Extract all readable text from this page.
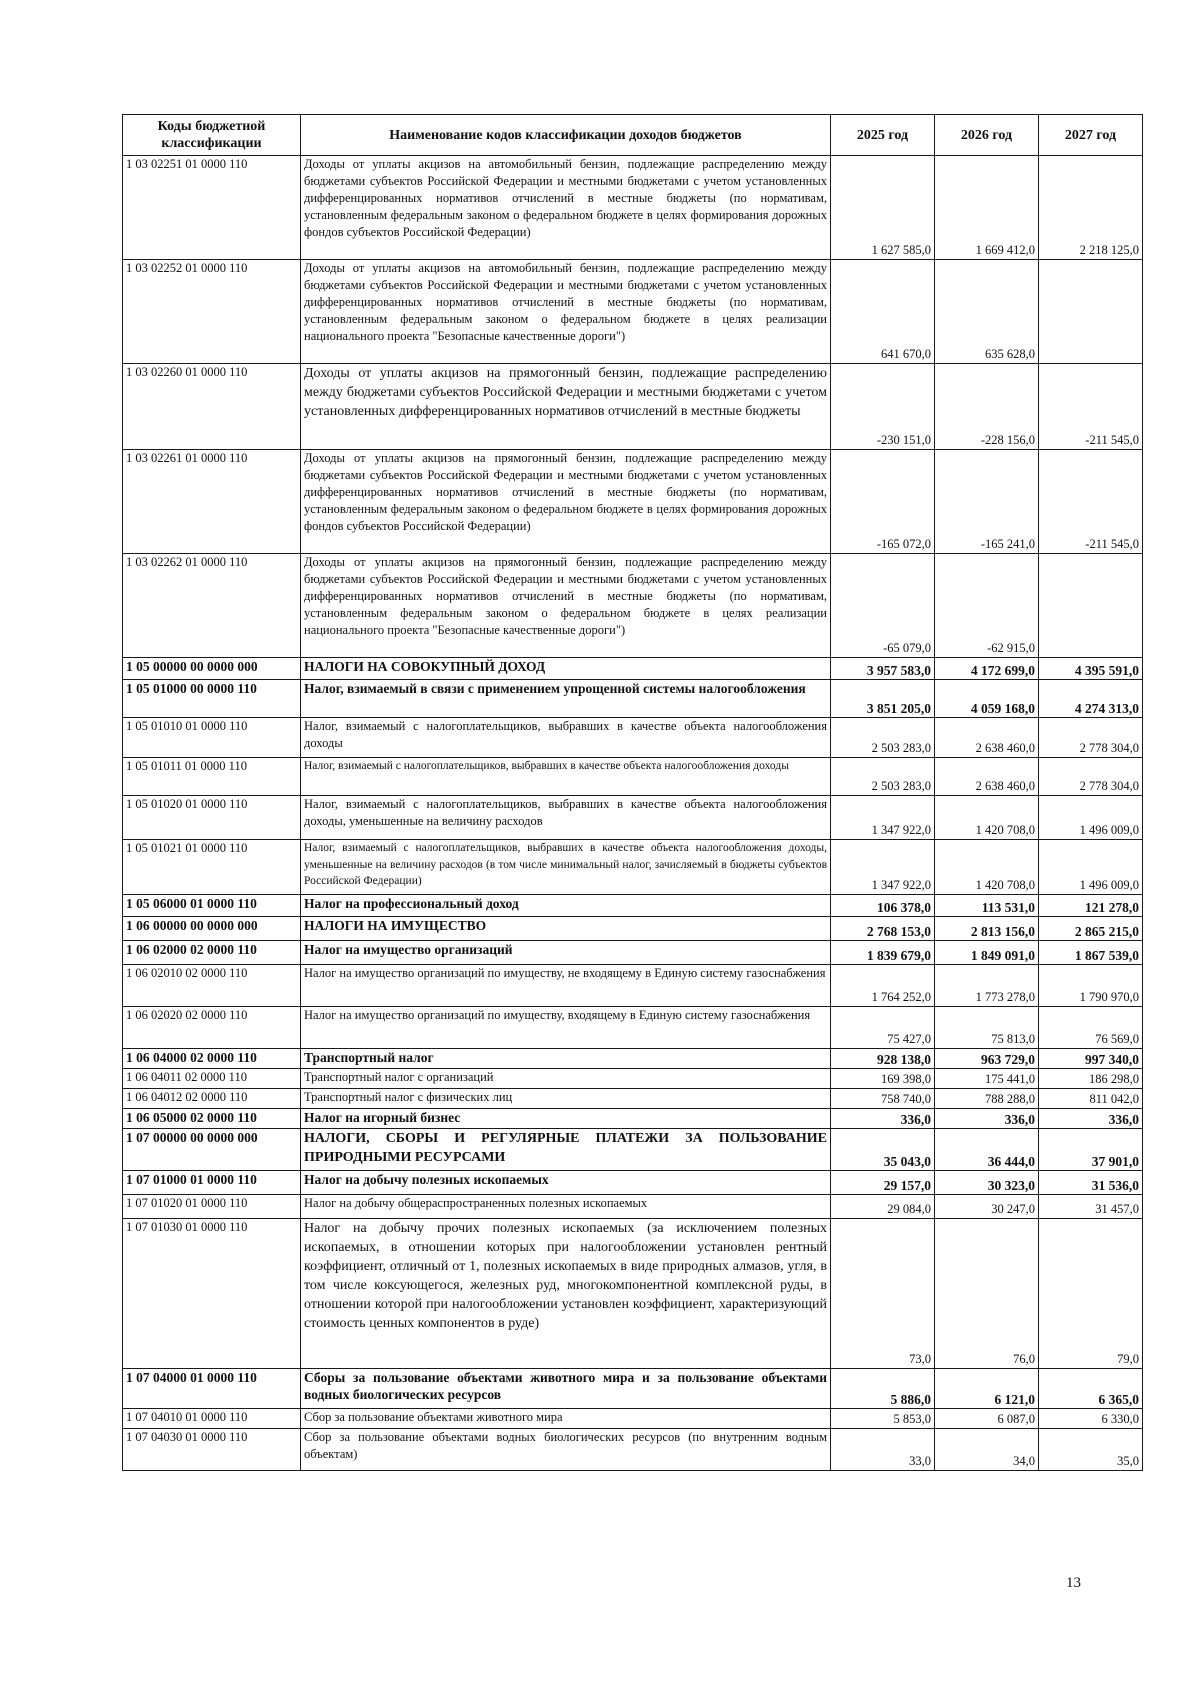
Коды бюджетной классификации	Наименование кодов классификации доходов бюджетов	2025 год	2026 год	2027 год
1 03 02251 01 0000 110	Доходы от уплаты акцизов на автомобильный бензин, подлежащие распределению между бюджетами субъектов Российской Федерации и местными бюджетами с учетом установленных дифференцированных нормативов отчислений в местные бюджеты (по нормативам, установленным федеральным законом о федеральном бюджете в целях формирования дорожных фондов субъектов Российской Федерации)	1 627 585,0	1 669 412,0	2 218 125,0
1 03 02252 01 0000 110	Доходы от уплаты акцизов на автомобильный бензин, подлежащие распределению между бюджетами субъектов Российской Федерации и местными бюджетами с учетом установленных дифференцированных нормативов отчислений в местные бюджеты (по нормативам, установленным федеральным законом о федеральном бюджете в целях реализации национального проекта "Безопасные качественные дороги")	641 670,0	635 628,0	
1 03 02260 01 0000 110	Доходы от уплаты акцизов на прямогонный бензин, подлежащие распределению между бюджетами субъектов Российской Федерации и местными бюджетами с учетом установленных дифференцированных нормативов отчислений в местные бюджеты	-230 151,0	-228 156,0	-211 545,0
1 03 02261 01 0000 110	Доходы от уплаты акцизов на прямогонный бензин, подлежащие распределению между бюджетами субъектов Российской Федерации и местными бюджетами с учетом установленных дифференцированных нормативов отчислений в местные бюджеты (по нормативам, установленным федеральным законом о федеральном бюджете в целях формирования дорожных фондов субъектов Российской Федерации)	-165 072,0	-165 241,0	-211 545,0
1 03 02262 01 0000 110	Доходы от уплаты акцизов на прямогонный бензин, подлежащие распределению между бюджетами субъектов Российской Федерации и местными бюджетами с учетом установленных дифференцированных нормативов отчислений в местные бюджеты (по нормативам, установленным федеральным законом о федеральном бюджете в целях реализации национального проекта "Безопасные качественные дороги")	-65 079,0	-62 915,0	
1 05 00000 00 0000 000	НАЛОГИ НА СОВОКУПНЫЙ ДОХОД	3 957 583,0	4 172 699,0	4 395 591,0
1 05 01000 00 0000 110	Налог, взимаемый в связи с применением упрощенной системы налогообложения	3 851 205,0	4 059 168,0	4 274 313,0
1 05 01010 01 0000 110	Налог, взимаемый с налогоплательщиков, выбравших в качестве объекта налогообложения доходы	2 503 283,0	2 638 460,0	2 778 304,0
1 05 01011 01 0000 110	Налог, взимаемый с налогоплательщиков, выбравших в качестве объекта налогообложения доходы	2 503 283,0	2 638 460,0	2 778 304,0
1 05 01020 01 0000 110	Налог, взимаемый с налогоплательщиков, выбравших в качестве объекта налогообложения доходы, уменьшенные на величину расходов	1 347 922,0	1 420 708,0	1 496 009,0
1 05 01021 01 0000 110	Налог, взимаемый с налогоплательщиков, выбравших в качестве объекта налогообложения доходы, уменьшенные на величину расходов (в том числе минимальный налог, зачисляемый в бюджеты субъектов Российской Федерации)	1 347 922,0	1 420 708,0	1 496 009,0
1 05 06000 01 0000 110	Налог на профессиональный доход	106 378,0	113 531,0	121 278,0
1 06 00000 00 0000 000	НАЛОГИ НА ИМУЩЕСТВО	2 768 153,0	2 813 156,0	2 865 215,0
1 06 02000 02 0000 110	Налог на имущество организаций	1 839 679,0	1 849 091,0	1 867 539,0
1 06 02010 02 0000 110	Налог на имущество организаций по имуществу, не входящему в Единую систему газоснабжения	1 764 252,0	1 773 278,0	1 790 970,0
1 06 02020 02 0000 110	Налог на имущество организаций по имуществу, входящему в Единую систему газоснабжения	75 427,0	75 813,0	76 569,0
1 06 04000 02 0000 110	Транспортный налог	928 138,0	963 729,0	997 340,0
1 06 04011 02 0000 110	Транспортный налог с организаций	169 398,0	175 441,0	186 298,0
1 06 04012 02 0000 110	Транспортный налог с физических лиц	758 740,0	788 288,0	811 042,0
1 06 05000 02 0000 110	Налог на игорный бизнес	336,0	336,0	336,0
1 07 00000 00 0000 000	НАЛОГИ, СБОРЫ И РЕГУЛЯРНЫЕ ПЛАТЕЖИ ЗА ПОЛЬЗОВАНИЕ ПРИРОДНЫМИ РЕСУРСАМИ	35 043,0	36 444,0	37 901,0
1 07 01000 01 0000 110	Налог на добычу полезных ископаемых	29 157,0	30 323,0	31 536,0
1 07 01020 01 0000 110	Налог на добычу общераспространенных полезных ископаемых	29 084,0	30 247,0	31 457,0
1 07 01030 01 0000 110	Налог на добычу прочих полезных ископаемых (за исключением полезных ископаемых, в отношении которых при налогообложении установлен рентный коэффициент, отличный от 1, полезных ископаемых в виде природных алмазов, угля, в том числе коксующегося, железных руд, многокомпонентной комплексной руды, в отношении которой при налогообложении установлен коэффициент, характеризующий стоимость ценных компонентов в руде)	73,0	76,0	79,0
1 07 04000 01 0000 110	Сборы за пользование объектами животного мира и за пользование объектами водных биологических ресурсов	5 886,0	6 121,0	6 365,0
1 07 04010 01 0000 110	Сбор за пользование объектами животного мира	5 853,0	6 087,0	6 330,0
1 07 04030 01 0000 110	Сбор за пользование объектами водных биологических ресурсов (по внутренним водным объектам)	33,0	34,0	35,0
13
